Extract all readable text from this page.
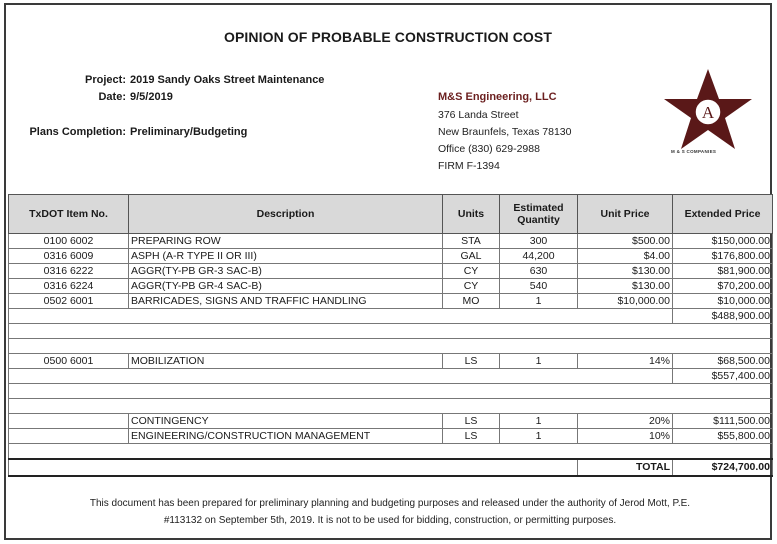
OPINION OF PROBABLE CONSTRUCTION COST
Project: 2019 Sandy Oaks Street Maintenance
Date: 9/5/2019
Plans Completion: Preliminary/Budgeting
M&S Engineering, LLC
376 Landa Street
New Braunfels, Texas 78130
Office (830) 629-2988
FIRM F-1394
A
M & S COMPANIES
TxDOT Item No.	Description	Units	Estimated Quantity	Unit Price	Extended Price
0100 6002	PREPARING ROW	STA	300	$500.00	$150,000.00
0316 6009	ASPH (A-R TYPE II OR III)	GAL	44,200	$4.00	$176,800.00
0316 6222	AGGR(TY-PB GR-3 SAC-B)	CY	630	$130.00	$81,900.00
0316 6224	AGGR(TY-PB GR-4 SAC-B)	CY	540	$130.00	$70,200.00
0502 6001	BARRICADES, SIGNS AND TRAFFIC HANDLING	MO	1	$10,000.00	$10,000.00
					$488,900.00

0500 6001	MOBILIZATION	LS	1	14%	$68,500.00
					$557,400.00

	CONTINGENCY	LS	1	20%	$111,500.00
	ENGINEERING/CONSTRUCTION MANAGEMENT	LS	1	10%	$55,800.00

				TOTAL	$724,700.00
This document has been prepared for preliminary planning and budgeting purposes and released under the authority of Jerod Mott, P.E.
#113132 on September 5th, 2019. It is not to be used for bidding, construction, or permitting purposes.
